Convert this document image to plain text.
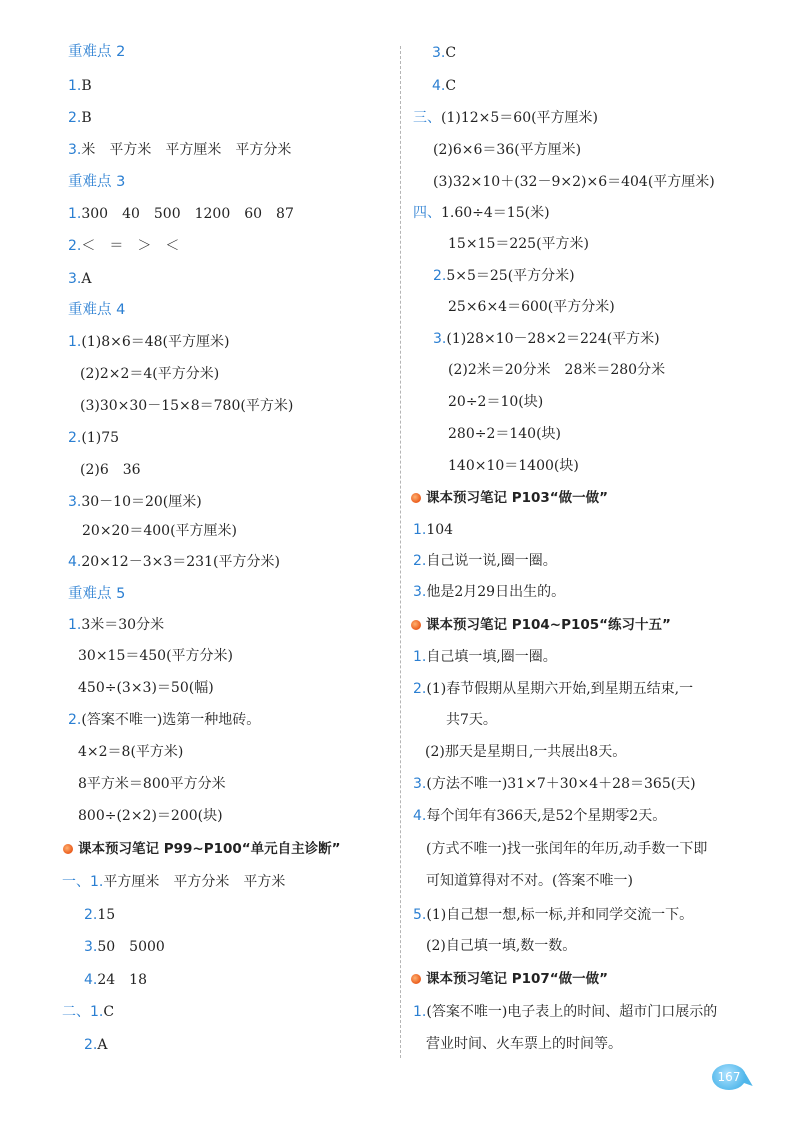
重难点 2
1.B
2.B
3.米　平方米　平方厘米　平方分米
重难点 3
1.300　40　500　1200　60　87
2.＜　＝　＞　＜
3.A
重难点 4
1.(1)8×6＝48(平方厘米)
(2)2×2＝4(平方分米)
(3)30×30－15×8＝780(平方米)
2.(1)75
(2)6　36
3.30－10＝20(厘米)
20×20＝400(平方厘米)
4.20×12－3×3＝231(平方分米)
重难点 5
1.3米＝30分米
30×15＝450(平方分米)
450÷(3×3)＝50(幅)
2.(答案不唯一)选第一种地砖。
4×2＝8(平方米)
8平方米＝800平方分米
800÷(2×2)＝200(块)
课本预习笔记 P99~P100“单元自主诊断”
一、1.平方厘米　平方分米　平方米
2.15
3.50　5000
4.24　18
二、1.C
2.A
3.C
4.C
三、(1)12×5＝60(平方厘米)
(2)6×6＝36(平方厘米)
(3)32×10＋(32－9×2)×6＝404(平方厘米)
四、1.60÷4＝15(米)
15×15＝225(平方米)
2.5×5＝25(平方分米)
25×6×4＝600(平方分米)
3.(1)28×10－28×2＝224(平方米)
(2)2米＝20分米　28米＝280分米
20÷2＝10(块)
280÷2＝140(块)
140×10＝1400(块)
课本预习笔记 P103“做一做”
1.104
2.自己说一说,圈一圈。
3.他是2月29日出生的。
课本预习笔记 P104~P105“练习十五”
1.自己填一填,圈一圈。
2.(1)春节假期从星期六开始,到星期五结束,一
共7天。
(2)那天是星期日,一共展出8天。
3.(方法不唯一)31×7＋30×4＋28＝365(天)
4.每个闰年有366天,是52个星期零2天。
(方式不唯一)找一张闰年的年历,动手数一下即
可知道算得对不对。(答案不唯一)
5.(1)自己想一想,标一标,并和同学交流一下。
(2)自己填一填,数一数。
课本预习笔记 P107“做一做”
1.(答案不唯一)电子表上的时间、超市门口展示的
营业时间、火车票上的时间等。
167
